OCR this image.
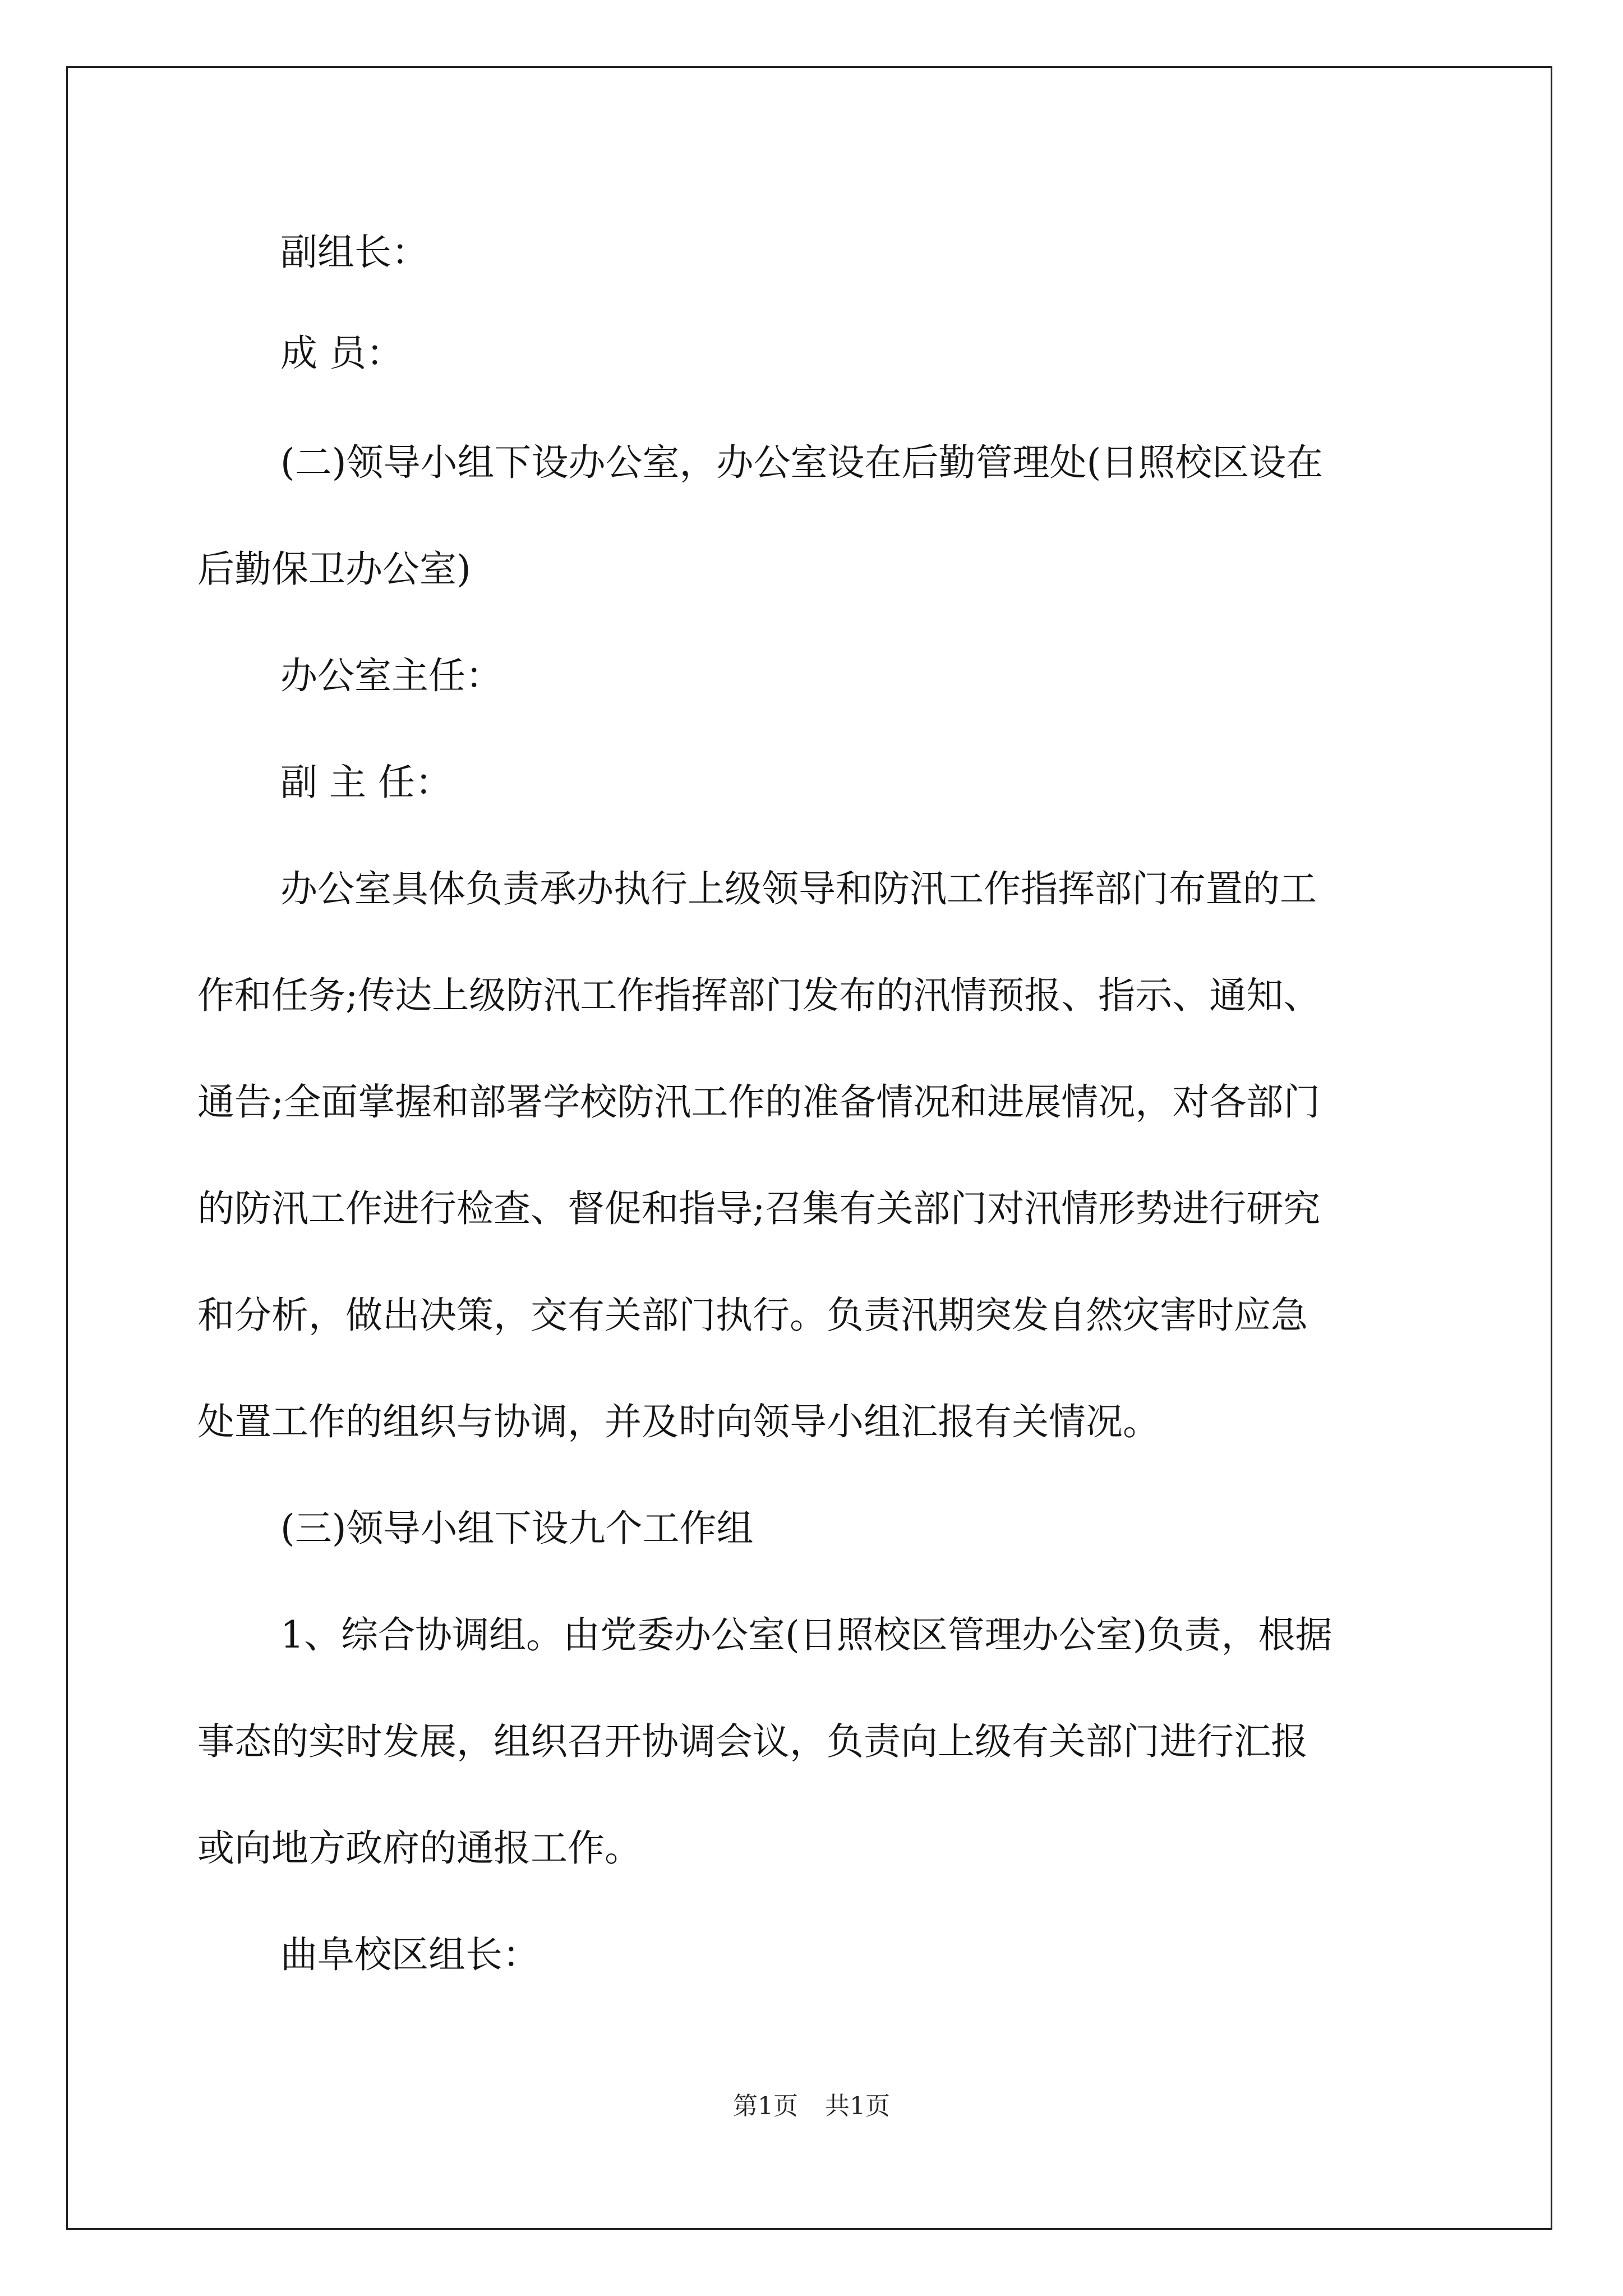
副组长：
成 员：
(二)领导小组下设办公室，办公室设在后勤管理处(日照校区设在
后勤保卫办公室)
办公室主任：
副 主 任：
办公室具体负责承办执行上级领导和防汛工作指挥部门布置的工
作和任务;传达上级防汛工作指挥部门发布的汛情预报、指示、通知、
通告;全面掌握和部署学校防汛工作的准备情况和进展情况，对各部门
的防汛工作进行检查、督促和指导;召集有关部门对汛情形势进行研究
和分析，做出决策，交有关部门执行。负责汛期突发自然灾害时应急
处置工作的组织与协调，并及时向领导小组汇报有关情况。
(三)领导小组下设九个工作组
1、综合协调组。由党委办公室(日照校区管理办公室)负责，根据
事态的实时发展，组织召开协调会议，负责向上级有关部门进行汇报
或向地方政府的通报工作。
曲阜校区组长：
第1页 共1页
